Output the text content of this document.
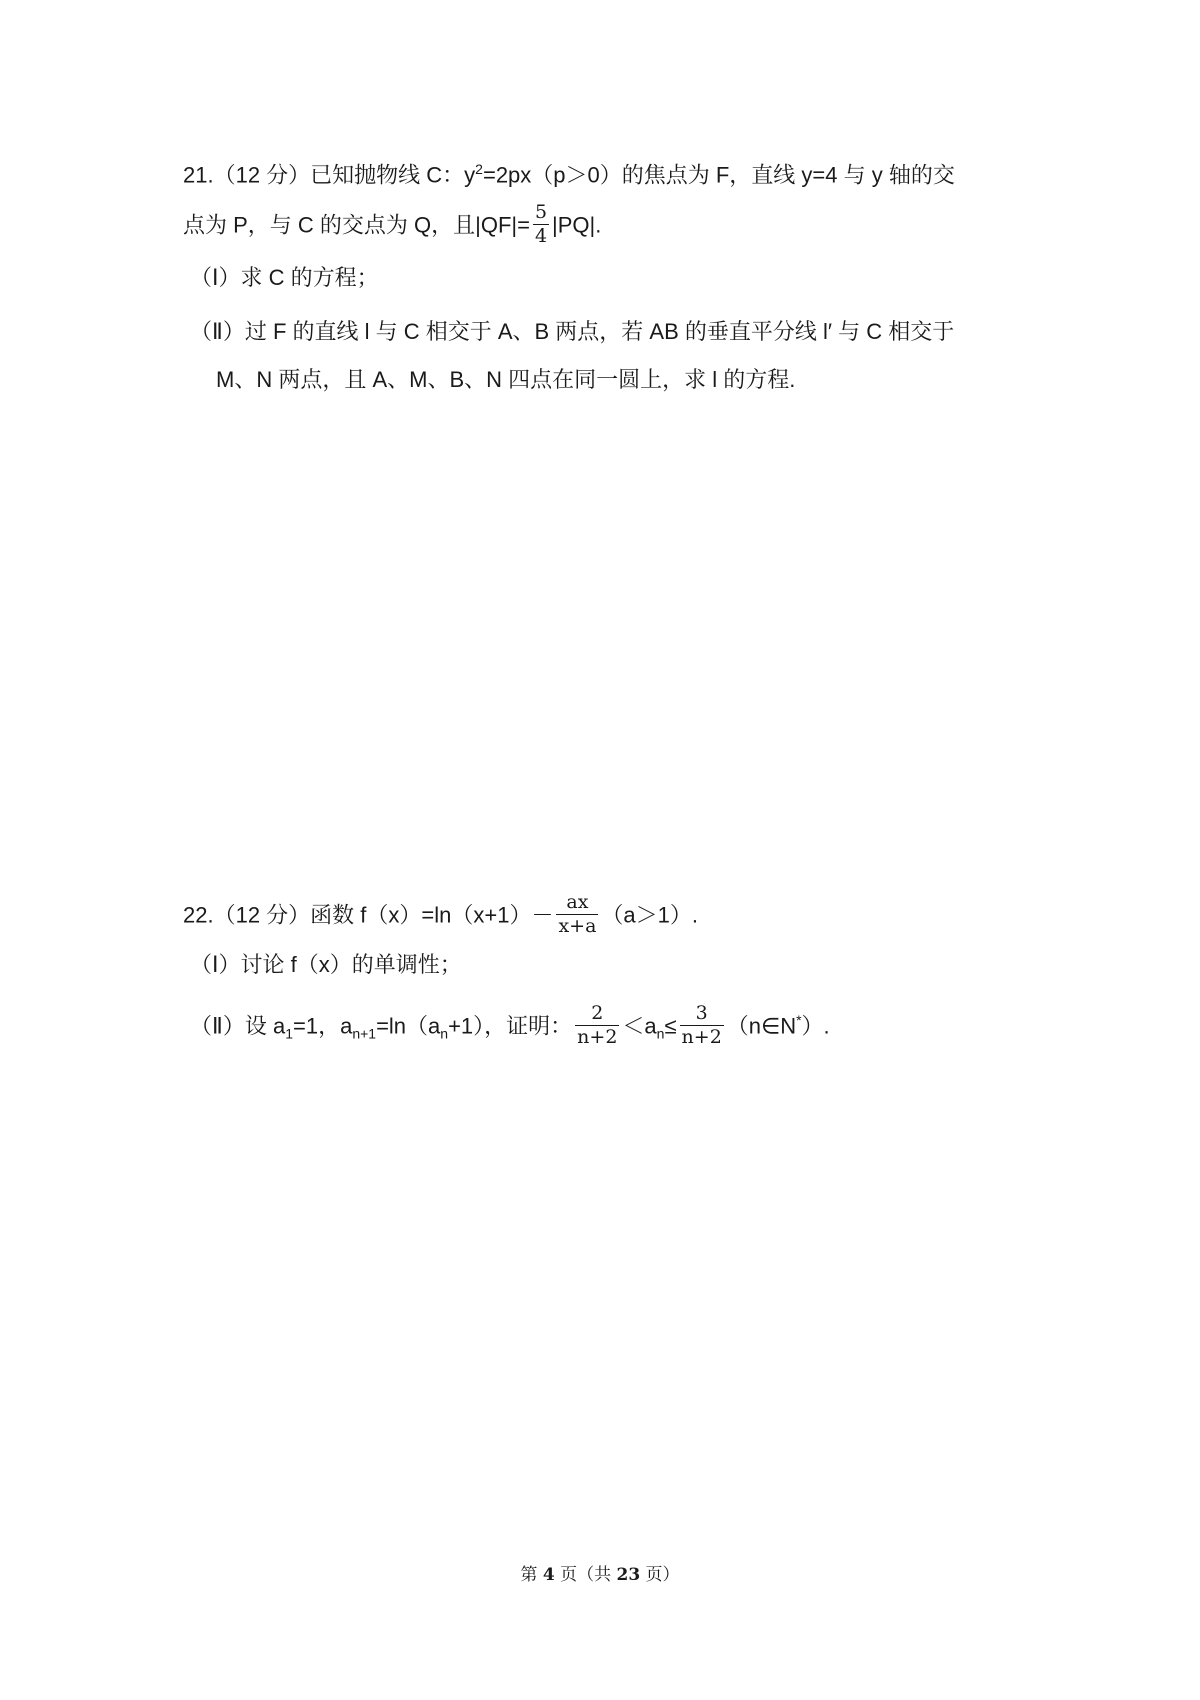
21.（12 分）已知抛物线 C：$y^2=2px(p>0)$的焦点为 F，直线 y=4 与 y 轴的交
点为 P，与 C 的交点为 Q，且$|QF|= \frac{5}{4} |PQ|$.
（Ⅰ）求 C 的方程；
（Ⅱ）过 F 的直线 l 与 C 相交于 A、B 两点，若 AB 的垂直平分线 l′ 与 C 相交于
M、N 两点，且 A、M、B、N 四点在同一圆上，求 l 的方程.
22.（12 分）函数 $f(x)=\ln(x+1)- \frac{ax}{x+a} (a>1)$.
（Ⅰ）讨论 f（x）的单调性；
（Ⅱ）设 $a_1=1$，$a_{n+1}=\ln(a_n+1)$，证明： $\frac{2}{n+2} <a_n\le \frac{3}{n+2}$ （n∈N*）.
第 4 页（共 23 页）
